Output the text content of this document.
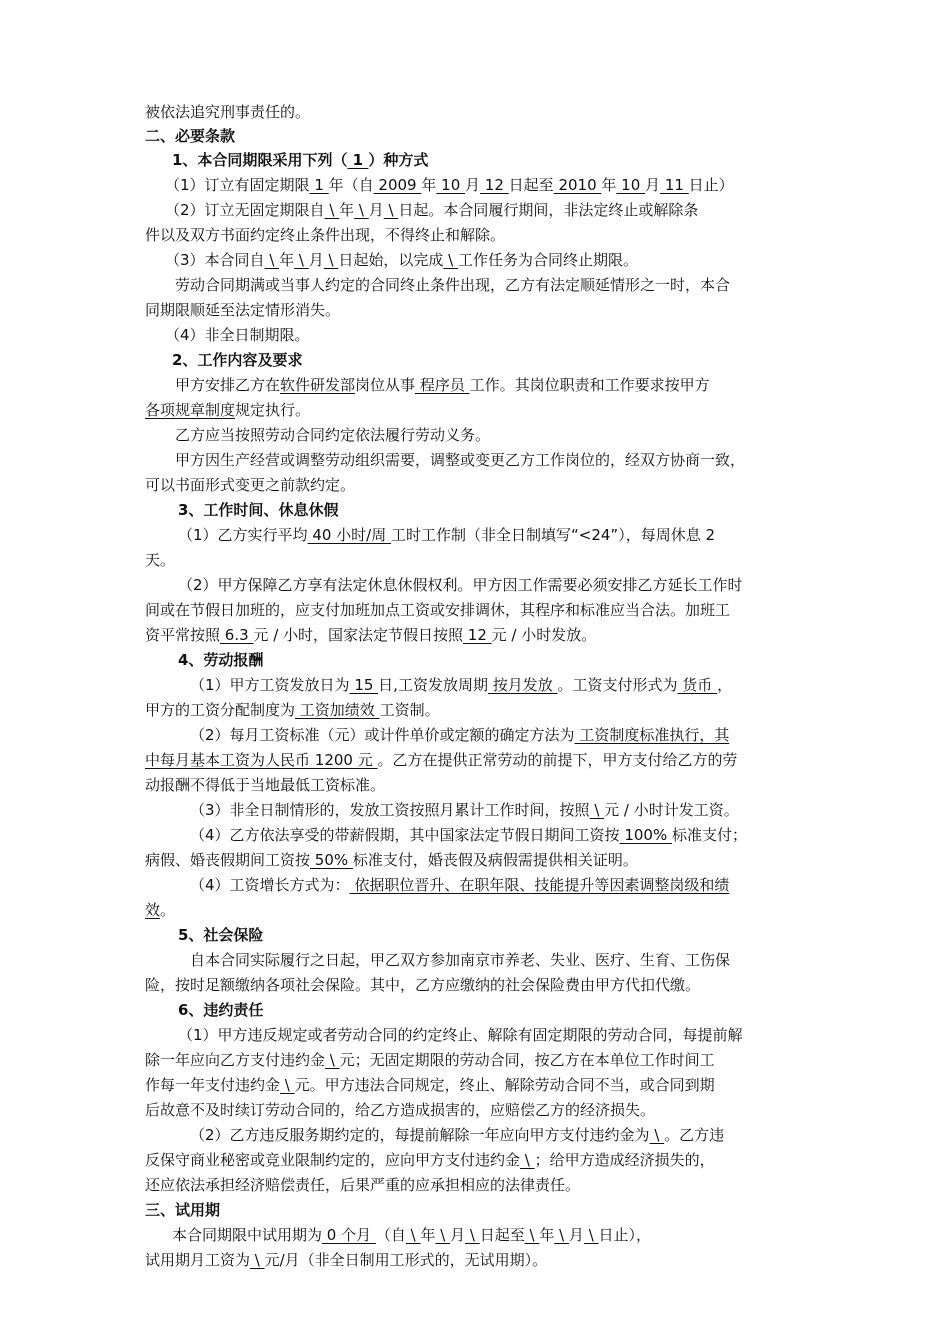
被依法追究刑事责任的。
二、必要条款
1、本合同期限采用下列（ 1 ）种方式
（1）订立有固定期限 1 年（自 2009 年 10 月 12 日起至 2010 年 10 月 11 日止）
（2）订立无固定期限自 \ 年 \ 月 \ 日起。本合同履行期间，非法定终止或解除条
件以及双方书面约定终止条件出现，不得终止和解除。
（3）本合同自 \ 年 \ 月 \ 日起始，以完成 \ 工作任务为合同终止期限。
劳动合同期满或当事人约定的合同终止条件出现，乙方有法定顺延情形之一时，本合
同期限顺延至法定情形消失。
（4）非全日制期限。
2、工作内容及要求
甲方安排乙方在软件研发部岗位从事 程序员 工作。其岗位职责和工作要求按甲方
各项规章制度规定执行。
乙方应当按照劳动合同约定依法履行劳动义务。
甲方因生产经营或调整劳动组织需要，调整或变更乙方工作岗位的，经双方协商一致，
可以书面形式变更之前款约定。
3、工作时间、休息休假
（1）乙方实行平均 40 小时/周 工时工作制（非全日制填写“<24”），每周休息 2
天。
（2）甲方保障乙方享有法定休息休假权利。甲方因工作需要必须安排乙方延长工作时
间或在节假日加班的，应支付加班加点工资或安排调休，其程序和标准应当合法。加班工
资平常按照 6.3 元 / 小时，国家法定节假日按照 12 元 / 小时发放。
4、劳动报酬
（1）甲方工资发放日为 15 日,工资发放周期 按月发放 。工资支付形式为 货币 ，
甲方的工资分配制度为 工资加绩效 工资制。
（2）每月工资标准（元）或计件单价或定额的确定方法为 工资制度标准执行，其
中每月基本工资为人民币 1200 元 。乙方在提供正常劳动的前提下，甲方支付给乙方的劳
动报酬不得低于当地最低工资标准。
（3）非全日制情形的，发放工资按照月累计工作时间，按照 \ 元 / 小时计发工资。
（4）乙方依法享受的带薪假期，其中国家法定节假日期间工资按 100% 标准支付；
病假、婚丧假期间工资按 50% 标准支付，婚丧假及病假需提供相关证明。
（4）工资增长方式为： 依据职位晋升、在职年限、技能提升等因素调整岗级和绩
效。
5、社会保险
自本合同实际履行之日起，甲乙双方参加南京市养老、失业、医疗、生育、工伤保
险，按时足额缴纳各项社会保险。其中，乙方应缴纳的社会保险费由甲方代扣代缴。
6、违约责任
（1）甲方违反规定或者劳动合同的约定终止、解除有固定期限的劳动合同，每提前解
除一年应向乙方支付违约金 \ 元；无固定期限的劳动合同，按乙方在本单位工作时间工
作每一年支付违约金 \ 元。甲方违法合同规定，终止、解除劳动合同不当，或合同到期
后故意不及时续订劳动合同的，给乙方造成损害的，应赔偿乙方的经济损失。
（2）乙方违反服务期约定的，每提前解除一年应向甲方支付违约金为 \ 。乙方违
反保守商业秘密或竞业限制约定的，应向甲方支付违约金 \ ；给甲方造成经济损失的，
还应依法承担经济赔偿责任，后果严重的应承担相应的法律责任。
三、试用期
本合同期限中试用期为 0 个月 （自 \ 年 \ 月 \ 日起至 \ 年 \ 月 \ 日止），
试用期月工资为 \ 元/月（非全日制用工形式的，无试用期）。
